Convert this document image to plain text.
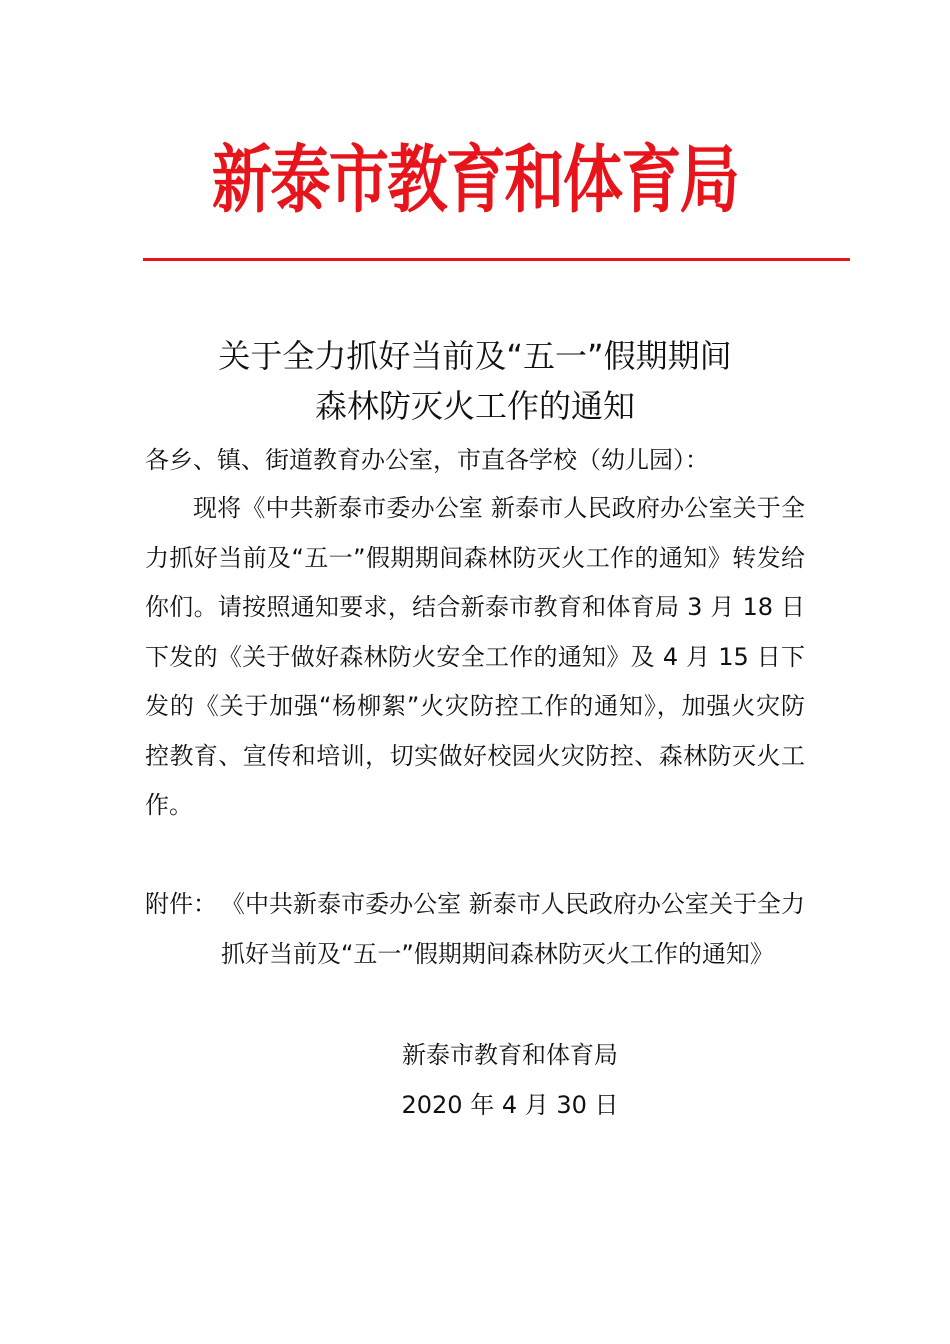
新泰市教育和体育局
关于全力抓好当前及“五一”假期期间
森林防灭火工作的通知
各乡、镇、街道教育办公室，市直各学校（幼儿园）：
现将《中共新泰市委办公室 新泰市人民政府办公室关于全力抓好当前及“五一”假期期间森林防灭火工作的通知》转发给你们。请按照通知要求，结合新泰市教育和体育局 3 月 18 日下发的《关于做好森林防火安全工作的通知》及 4 月 15 日下发的《关于加强“杨柳絮”火灾防控工作的通知》，加强火灾防控教育、宣传和培训，切实做好校园火灾防控、森林防灭火工作。
附件： 《中共新泰市委办公室 新泰市人民政府办公室关于全力抓好当前及“五一”假期期间森林防灭火工作的通知》
新泰市教育和体育局
2020 年 4 月 30 日
